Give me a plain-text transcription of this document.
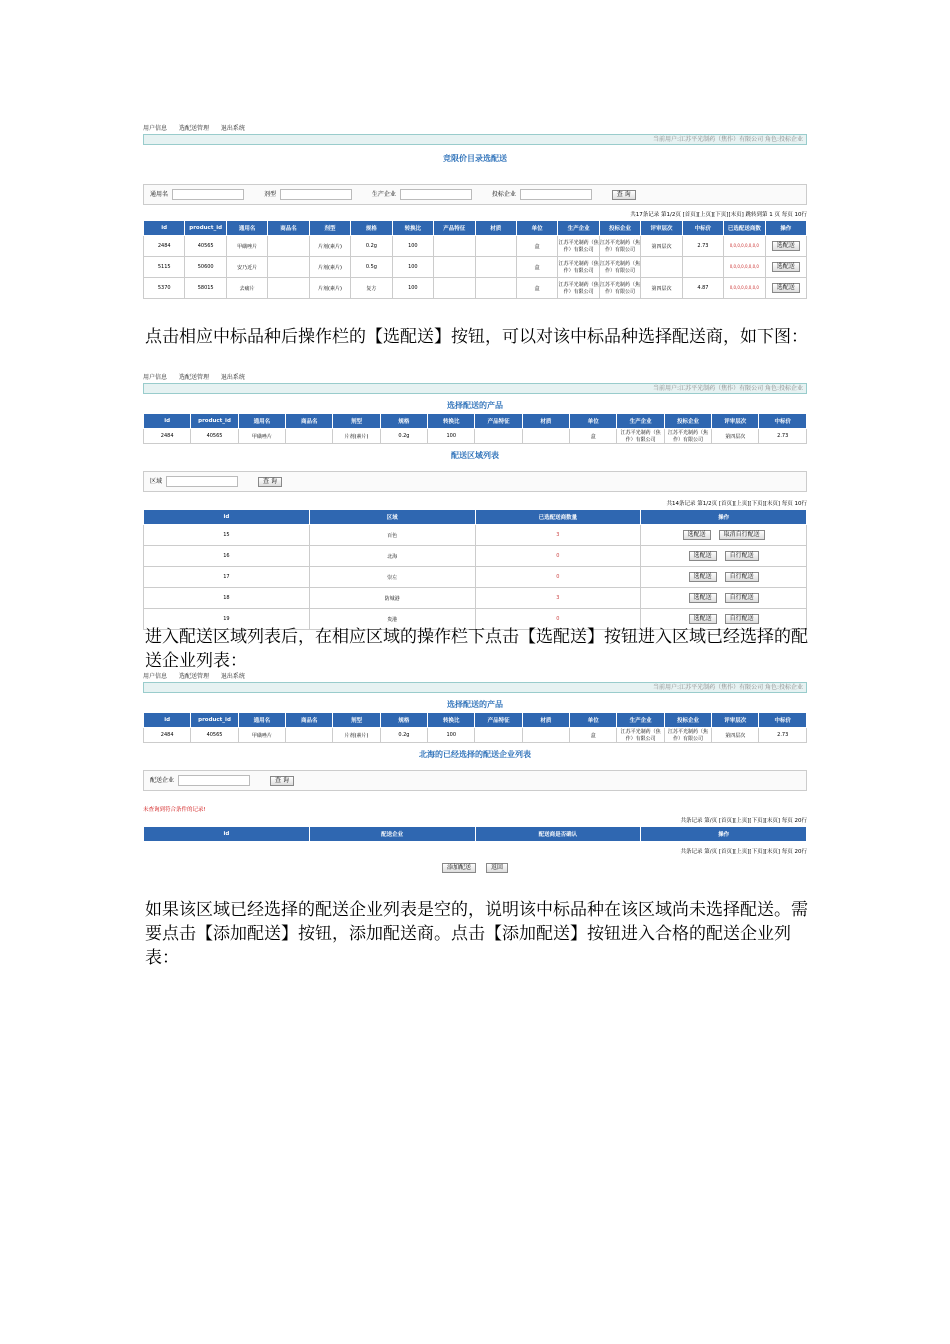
用户信息 选配送管理 退出系统
当前用户:江苏平光制药（焦作）有限公司 角色:投标企业
竞限价目录选配送
通用名	剂型	生产企业	投标企业	查 询
共17条记录 第1/2页 [首页][上页][下页][末页] 跳转到第 1 页 每页 10行
id	product_id	通用名	商品名	剂型	规格	转换比	产品特征	材质	单位	生产企业	投标企业	评审层次	中标价	已选配送商数	操作
2484	40565	甲磺唑片		片剂(素片)	0.2g	100			盒	江苏平光制药（焦作）有限公司	江苏平光制药（焦作）有限公司	第四层次	2.73	0,0,0,0,0,0,0,0	选配送
5115	50600	安乃近片		片剂(素片)	0.5g	100			盒	江苏平光制药（焦作）有限公司	江苏平光制药（焦作）有限公司			0,0,0,0,0,0,0,0	选配送
5370	58015	去痛片		片剂(素片)	复方	100			盒	江苏平光制药（焦作）有限公司	江苏平光制药（焦作）有限公司	第四层次	4.87	0,0,0,0,0,0,0,0	选配送
点击相应中标品种后操作栏的【选配送】按钮，可以对该中标品种选择配送商，如下图：
用户信息 选配送管理 退出系统
当前用户:江苏平光制药（焦作）有限公司 角色:投标企业
选择配送的产品
id	product_id	通用名	商品名	剂型	规格	转换比	产品特征	材质	单位	生产企业	投标企业	评审层次	中标价
2484	40565	甲磺唑片		片剂(素片)	0.2g	100			盒	江苏平光制药（焦作）有限公司	江苏平光制药（焦作）有限公司	第四层次	2.73
配送区域列表
区域	查 询
共14条记录 第1/2页 [首页][上页][下页][末页] 每页 10行
id	区域	已选配送商数量	操作
15	百色	3	选配送 取消自行配送
16	北海	0	选配送 自行配送
17	崇左	0	选配送 自行配送
18	防城港	3	选配送 自行配送
19	贵港	0	选配送 自行配送
进入配送区域列表后，在相应区域的操作栏下点击【选配送】按钮进入区域已经选择的配送企业列表：
用户信息 选配送管理 退出系统
当前用户:江苏平光制药（焦作）有限公司 角色:投标企业
选择配送的产品
id	product_id	通用名	商品名	剂型	规格	转换比	产品特征	材质	单位	生产企业	投标企业	评审层次	中标价
2484	40565	甲磺唑片		片剂(素片)	0.2g	100			盒	江苏平光制药（焦作）有限公司	江苏平光制药（焦作）有限公司	第四层次	2.73
北海的已经选择的配送企业列表
配送企业	查 询
未查询到符合条件的记录!
共条记录 第/页 [首页][上页][下页][末页] 每页 20行
id	配送企业	配送商是否确认	操作
共条记录 第/页 [首页][上页][下页][末页] 每页 20行
添加配送	返回
如果该区域已经选择的配送企业列表是空的，说明该中标品种在该区域尚未选择配送。需要点击【添加配送】按钮，添加配送商。点击【添加配送】按钮进入合格的配送企业列表：
